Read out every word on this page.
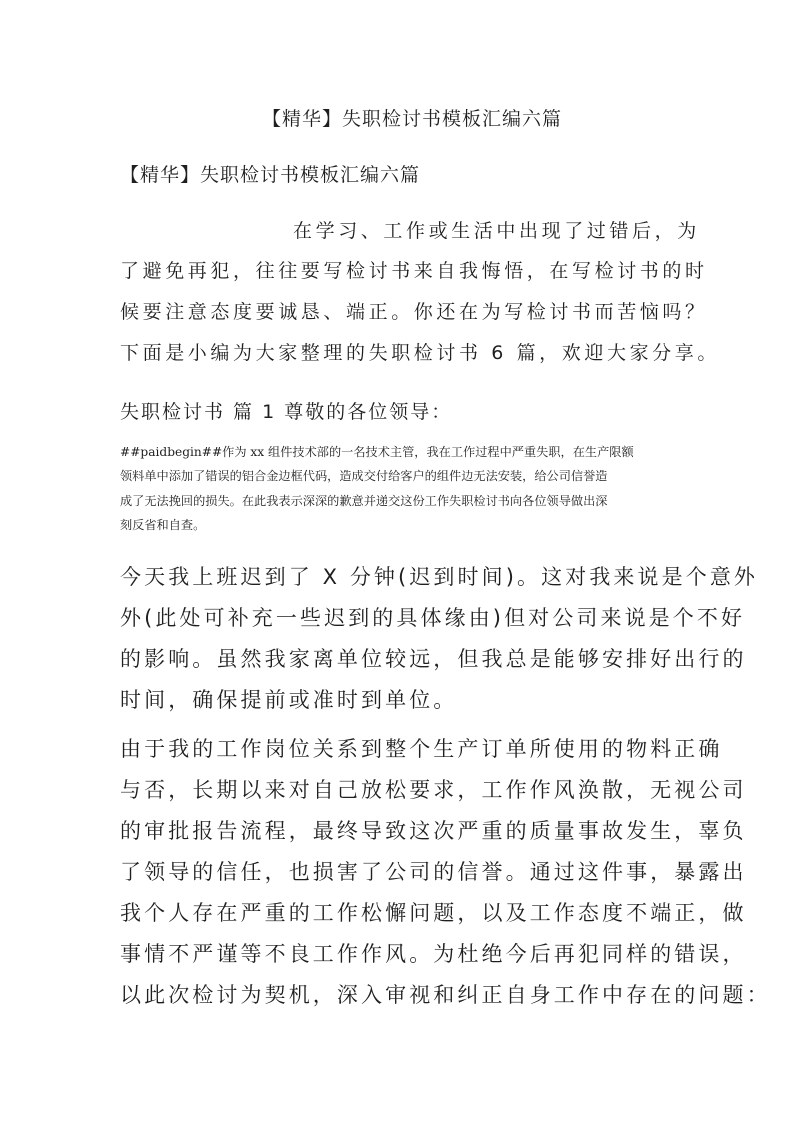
【精华】失职检讨书模板汇编六篇

【精华】失职检讨书模板汇编六篇

在学习、工作或生活中出现了过错后，为

了避免再犯，往往要写检讨书来自我悔悟，在写检讨书的时

候要注意态度要诚恳、端正。你还在为写检讨书而苦恼吗？

下面是小编为大家整理的失职检讨书 6 篇，欢迎大家分享。

失职检讨书 篇 1 尊敬的各位领导：

##paidbegin##作为 xx 组件技术部的一名技术主管，我在工作过程中严重失职，在生产限额

领料单中添加了错误的铝合金边框代码，造成交付给客户的组件边无法安装，给公司信誉造

成了无法挽回的损失。在此我表示深深的歉意并递交这份工作失职检讨书向各位领导做出深

刻反省和自查。

今天我上班迟到了 X 分钟(迟到时间)。这对我来说是个意外

外(此处可补充一些迟到的具体缘由)但对公司来说是个不好

的影响。虽然我家离单位较远，但我总是能够安排好出行的

时间，确保提前或准时到单位。

由于我的工作岗位关系到整个生产订单所使用的物料正确

与否，长期以来对自己放松要求，工作作风涣散，无视公司

的审批报告流程，最终导致这次严重的质量事故发生，辜负

了领导的信任，也损害了公司的信誉。通过这件事，暴露出

我个人存在严重的工作松懈问题，以及工作态度不端正，做

事情不严谨等不良工作作风。为杜绝今后再犯同样的错误，

以此次检讨为契机，深入审视和纠正自身工作中存在的问题：
